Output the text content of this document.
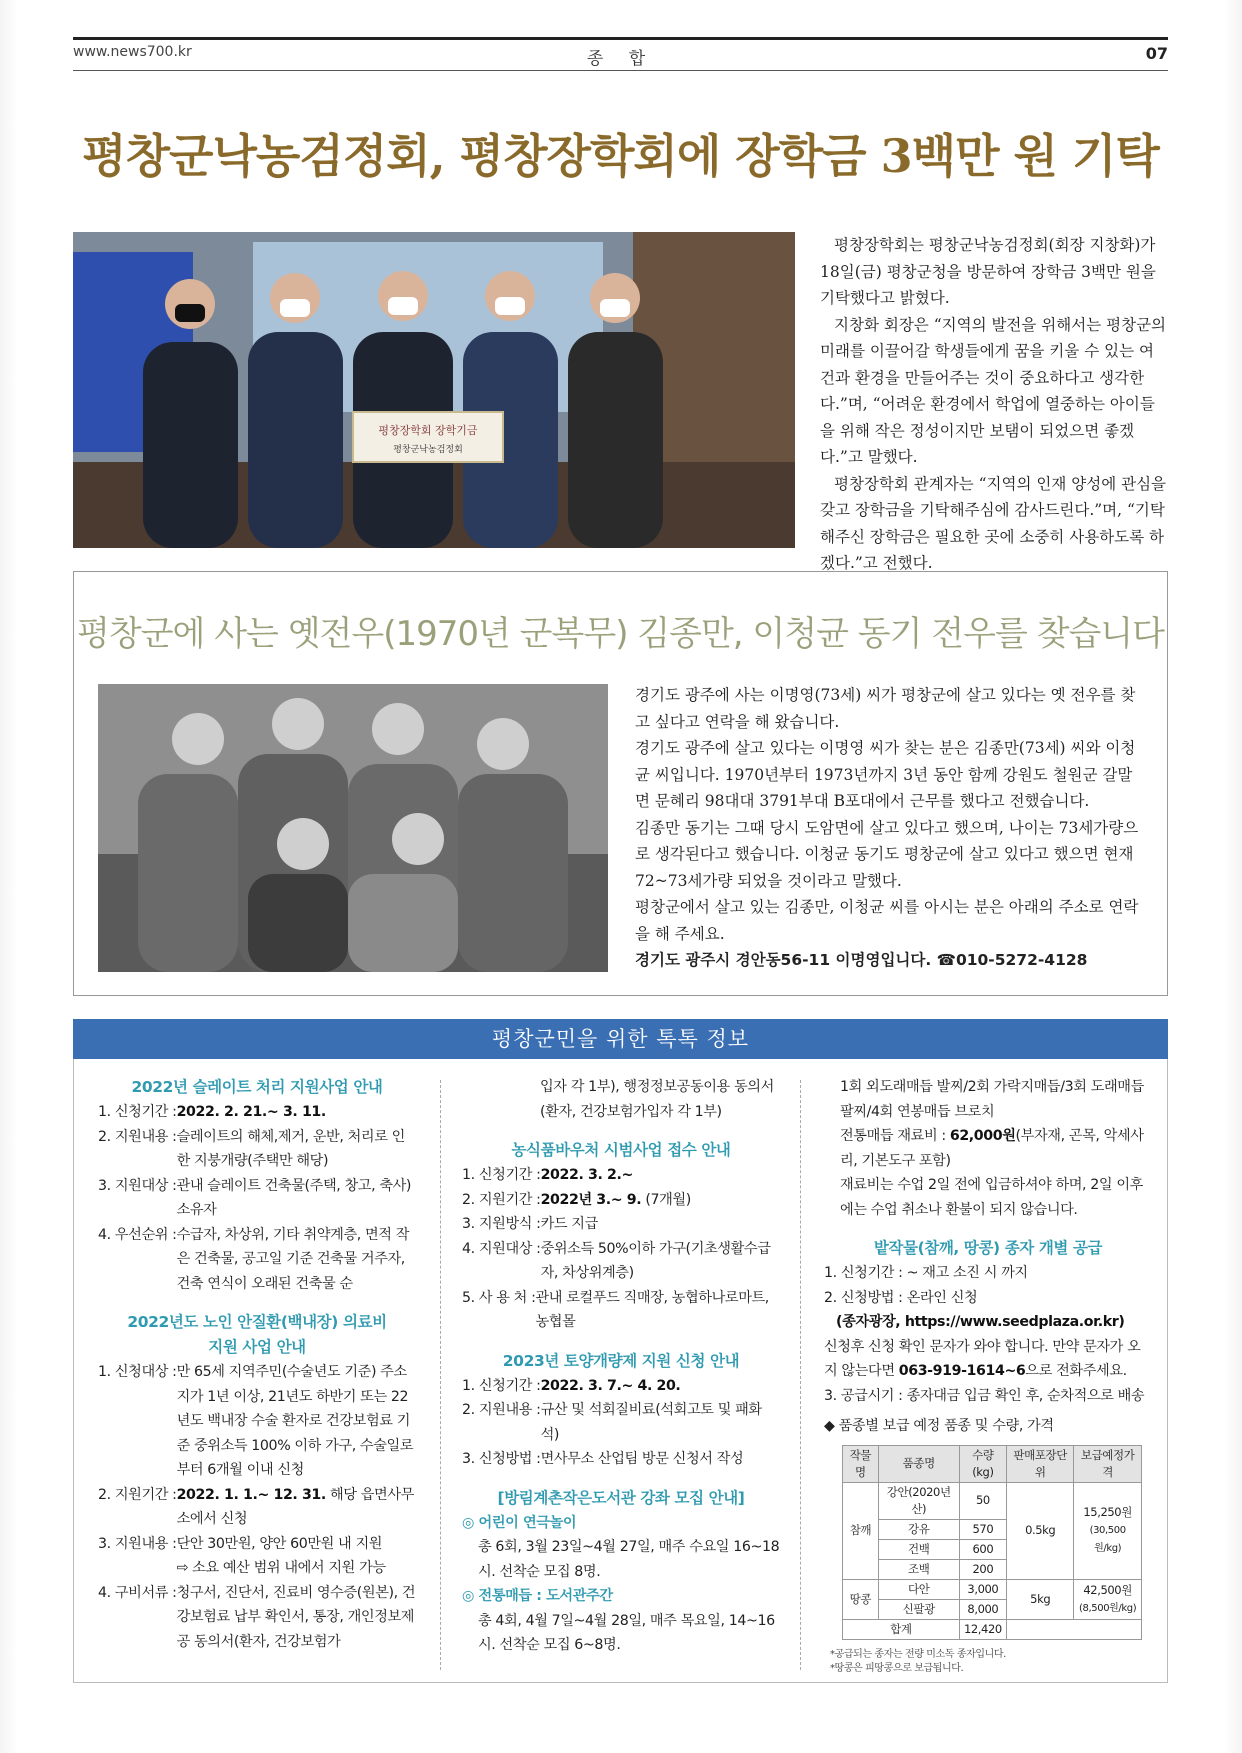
www.news700.kr	종 합	07
평창군낙농검정회, 평창장학회에 장학금 3백만 원 기탁
평창장학회 장학기금
평창군낙농검정회

평창장학회는 평창군낙농검정회(회장 지창화)가 18일(금) 평창군청을 방문하여 장학금 3백만 원을 기탁했다고 밝혔다.

지창화 회장은 “지역의 발전을 위해서는 평창군의 미래를 이끌어갈 학생들에게 꿈을 키울 수 있는 여건과 환경을 만들어주는 것이 중요하다고 생각한다.”며, “어려운 환경에서 학업에 열중하는 아이들을 위해 작은 정성이지만 보탬이 되었으면 좋겠다.”고 말했다.

평창장학회 관계자는 “지역의 인재 양성에 관심을 갖고 장학금을 기탁해주심에 감사드린다.”며, “기탁해주신 장학금은 필요한 곳에 소중히 사용하도록 하겠다.”고 전했다.

평창군에 사는 옛전우(1970년 군복무) 김종만, 이청균 동기 전우를 찾습니다

경기도 광주에 사는 이명영(73세) 씨가 평창군에 살고 있다는 옛 전우를 찾고 싶다고 연락을 해 왔습니다.

경기도 광주에 살고 있다는 이명영 씨가 찾는 분은 김종만(73세) 씨와 이청균 씨입니다. 1970년부터 1973년까지 3년 동안 함께 강원도 철원군 갈말면 문혜리 98대대 3791부대 B포대에서 근무를 했다고 전했습니다.

김종만 동기는 그때 당시 도암면에 살고 있다고 했으며, 나이는 73세가량으로 생각된다고 했습니다. 이청균 동기도 평창군에 살고 있다고 했으면 현재 72~73세가량 되었을 것이라고 말했다.

평창군에서 살고 있는 김종만, 이청균 씨를 아시는 분은 아래의 주소로 연락을 해 주세요.

경기도 광주시 경안동56-11 이명영입니다. ☎010-5272-4128

평창군민을 위한 톡톡 정보

2022년 슬레이트 처리 지원사업 안내

1. 신청기간 : 2022. 2. 21.~ 3. 11.
2. 지원내용 : 슬레이트의 해체,제거, 운반, 처리로 인한 지붕개량(주택만 해당)
3. 지원대상 : 관내 슬레이트 건축물(주택, 창고, 축사) 소유자
4. 우선순위 : 수급자, 차상위, 기타 취약계층, 면적 작은 건축물, 공고일 기준 건축물 거주자, 건축 연식이 오래된 건축물 순

2022년도 노인 안질환(백내장) 의료비

지원 사업 안내

1. 신청대상 : 만 65세 지역주민(수술년도 기준) 주소지가 1년 이상, 21년도 하반기 또는 22년도 백내장 수술 환자로 건강보험료 기준 중위소득 100% 이하 가구, 수술일로부터 6개월 이내 신청
2. 지원기간 : 2022. 1. 1.~ 12. 31. 해당 읍면사무소에서 신청
3. 지원내용 : 단안 30만원, 양안 60만원 내 지원
⇨ 소요 예산 범위 내에서 지원 가능
4. 구비서류 : 청구서, 진단서, 진료비 영수증(원본), 건강보험료 납부 확인서, 통장, 개인정보제공 동의서(환자, 건강보험가
입자 각 1부), 행정정보공동이용 동의서(환자, 건강보험가입자 각 1부)

농식품바우처 시범사업 접수 안내

1. 신청기간 : 2022. 3. 2.~
2. 지원기간 : 2022년 3.~ 9. (7개월)
3. 지원방식 : 카드 지급
4. 지원대상 : 중위소득 50%이하 가구(기초생활수급자, 차상위계층)
5. 사 용 처 : 관내 로컬푸드 직매장, 농협하나로마트, 농협몰

2023년 토양개량제 지원 신청 안내

1. 신청기간 : 2022. 3. 7.~ 4. 20.
2. 지원내용 : 규산 및 석회질비료(석회고토 및 패화석)
3. 신청방법 : 면사무소 산업팀 방문 신청서 작성

[방림계촌작은도서관 강좌 모집 안내]

◎ 어린이 연극놀이
총 6회, 3월 23일~4월 27일, 매주 수요일 16~18시. 선착순 모집 8명.
◎ 전통매듭 : 도서관주간
총 4회, 4월 7일~4월 28일, 매주 목요일, 14~16시. 선착순 모집 6~8명.
1회 외도래매듭 발찌/2회 가락지매듭/3회 도래매듭 팔찌/4회 연봉매듭 브로치
전통매듭 재료비 : 62,000원(부자재, 곤목, 악세사리, 기본도구 포함)
재료비는 수업 2일 전에 입금하셔야 하며, 2일 이후에는 수업 취소나 환불이 되지 않습니다.

밭작물(참깨, 땅콩) 종자 개별 공급

1. 신청기간 : ~ 재고 소진 시 까지
2. 신청방법 : 온라인 신청
(종자광장, https://www.seedplaza.or.kr)
신청후 신청 확인 문자가 와야 합니다. 만약 문자가 오지 않는다면 063-919-1614~6으로 전화주세요.
3. 공급시기 : 종자대금 입금 확인 후, 순차적으로 배송
◆ 품종별 보급 예정 품종 및 수량, 가격
작물명	품종명	수량(kg)	판매포장단위	보급예정가격
참깨	강안(2020년산)	50	0.5kg	15,250원
(30,500원/kg)
	강유	570		
	건백	600		
	조백	200		
땅콩	다안	3,000	5kg	42,500원
(8,500원/kg)
	신팔광	8,000		
합계		12,420		
*공급되는 종자는 전량 미소독 종자입니다.
*땅콩은 피땅콩으로 보급됩니다.
